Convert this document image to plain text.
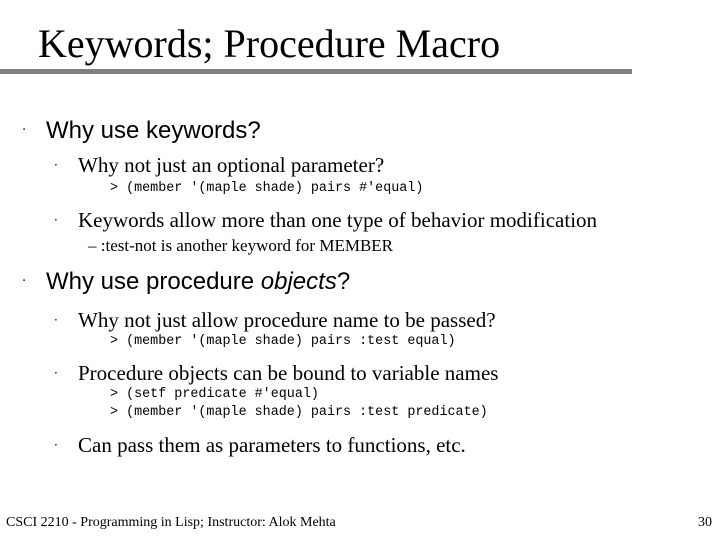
Keywords; Procedure Macro
· Why use keywords?
· Why not just an optional parameter?
> (member '(maple shade) pairs #'equal)
· Keywords allow more than one type of behavior modification
– :test-not is another keyword for MEMBER
· Why use procedure objects?
· Why not just allow procedure name to be passed?
> (member '(maple shade) pairs :test equal)
· Procedure objects can be bound to variable names
> (setf predicate #'equal)
> (member '(maple shade) pairs :test predicate)
· Can pass them as parameters to functions, etc.
CSCI 2210 - Programming in Lisp; Instructor: Alok Mehta	30
